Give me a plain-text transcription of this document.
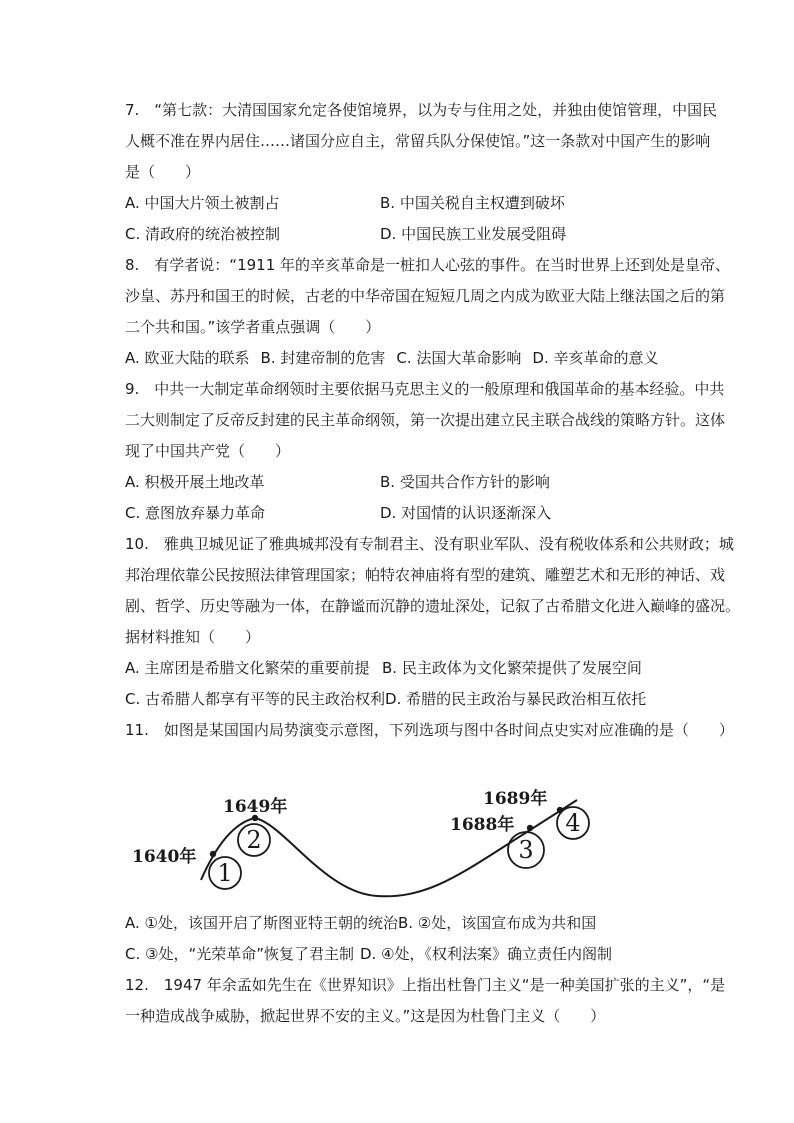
7.　“第七款：大清国国家允定各使馆境界，以为专与住用之处，并独由使馆管理，中国民
人概不准在界内居住……诸国分应自主，常留兵队分保使馆。”这一条款对中国产生的影响
是（　　）
A. 中国大片领土被割占	B. 中国关税自主权遭到破坏
C. 清政府的统治被控制	D. 中国民族工业发展受阻碍
8.　有学者说：“1911 年的辛亥革命是一桩扣人心弦的事件。在当时世界上还到处是皇帝、
沙皇、苏丹和国王的时候，古老的中华帝国在短短几周之内成为欧亚大陆上继法国之后的第
二个共和国。”该学者重点强调（　　）
A. 欧亚大陆的联系 B. 封建帝制的危害 C. 法国大革命影响 D. 辛亥革命的意义
9.　中共一大制定革命纲领时主要依据马克思主义的一般原理和俄国革命的基本经验。中共
二大则制定了反帝反封建的民主革命纲领，第一次提出建立民主联合战线的策略方针。这体
现了中国共产党（　　）
A. 积极开展土地改革	B. 受国共合作方针的影响
C. 意图放弃暴力革命	D. 对国情的认识逐渐深入
10.　雅典卫城见证了雅典城邦没有专制君主、没有职业军队、没有税收体系和公共财政；城
邦治理依靠公民按照法律管理国家；帕特农神庙将有型的建筑、雕塑艺术和无形的神话、戏
剧、哲学、历史等融为一体，在静谧而沉静的遗址深处，记叙了古希腊文化进入巅峰的盛况。
据材料推知（　　）
A. 主席团是希腊文化繁荣的重要前提 B. 民主政体为文化繁荣提供了发展空间
C. 古希腊人都享有平等的民主政治权利 D. 希腊的民主政治与暴民政治相互依托
11.　如图是某国国内局势演变示意图，下列选项与图中各时间点史实对应准确的是（　　）
1640年
1649年
1688年
1689年
1
2	3
4
A. ①处，该国开启了斯图亚特王朝的统治 B. ②处，该国宣布成为共和国
C. ③处，“光荣革命”恢复了君主制 D. ④处，《权利法案》确立责任内阁制
12.　1947 年余孟如先生在《世界知识》上指出杜鲁门主义“是一种美国扩张的主义”，“是
一种造成战争威胁，掀起世界不安的主义。”这是因为杜鲁门主义（　　）
